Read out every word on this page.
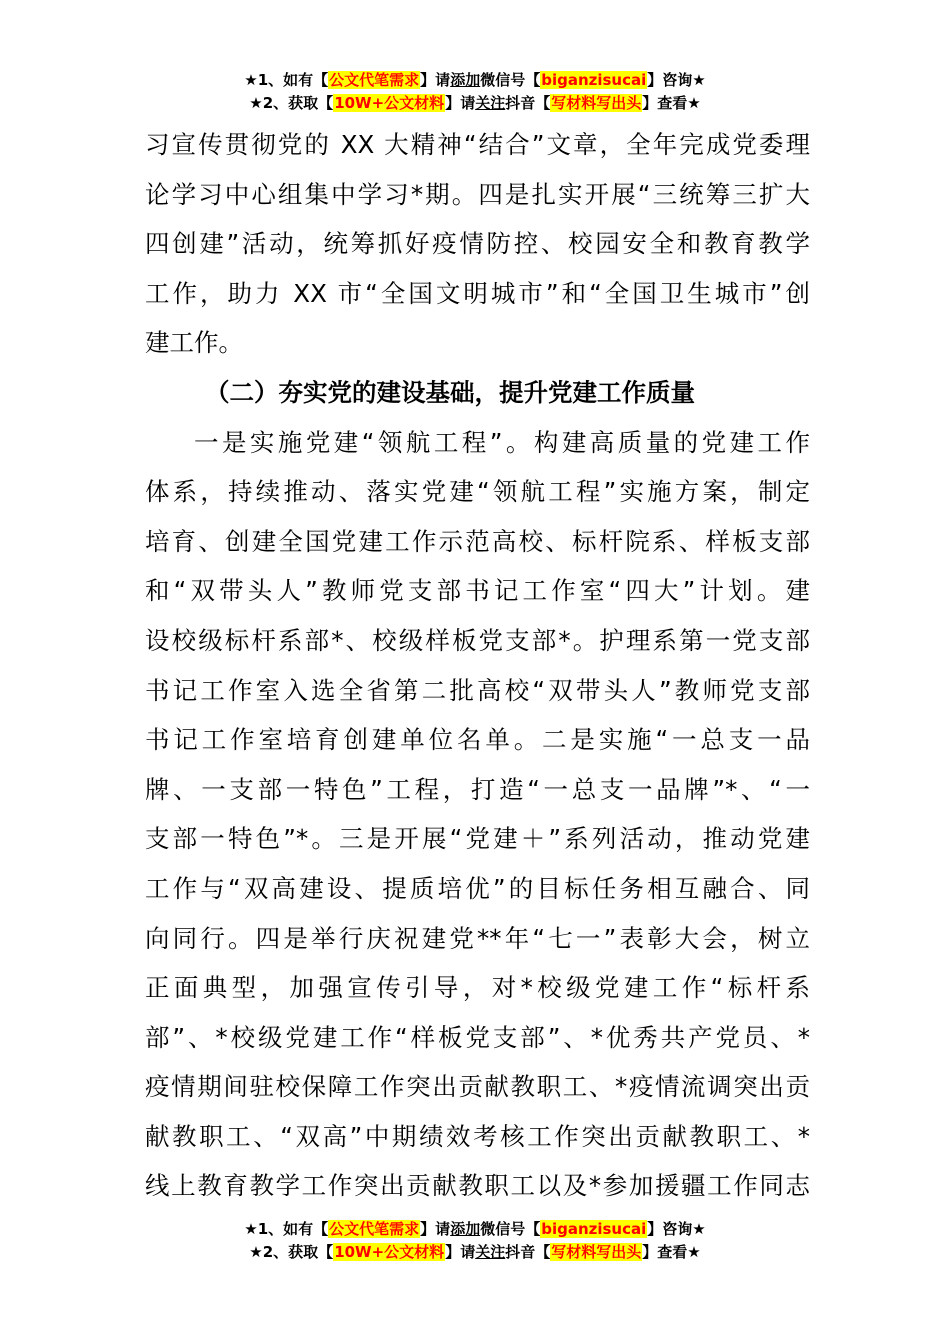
★1、如有【公文代笔需求】请添加微信号【biganzisucai】咨询★
★2、获取【10W+公文材料】请关注抖音【写材料写出头】查看★
习宣传贯彻党的 XX 大精神“结合”文章，全年完成党委理
论学习中心组集中学习*期。四是扎实开展“三统筹三扩大
四创建”活动，统筹抓好疫情防控、校园安全和教育教学
工作，助力 XX 市“全国文明城市”和“全国卫生城市”创
建工作。
（二）夯实党的建设基础，提升党建工作质量
一是实施党建“领航工程”。构建高质量的党建工作
体系，持续推动、落实党建“领航工程”实施方案，制定
培育、创建全国党建工作示范高校、标杆院系、样板支部
和“双带头人”教师党支部书记工作室“四大”计划。建
设校级标杆系部*、校级样板党支部*。护理系第一党支部
书记工作室入选全省第二批高校“双带头人”教师党支部
书记工作室培育创建单位名单。二是实施“一总支一品
牌、一支部一特色”工程，打造“一总支一品牌”*、“一
支部一特色”*。三是开展“党建＋”系列活动，推动党建
工作与“双高建设、提质培优”的目标任务相互融合、同
向同行。四是举行庆祝建党**年“七一”表彰大会，树立
正面典型，加强宣传引导，对*校级党建工作“标杆系
部”、*校级党建工作“样板党支部”、*优秀共产党员、*
疫情期间驻校保障工作突出贡献教职工、*疫情流调突出贡
献教职工、“双高”中期绩效考核工作突出贡献教职工、*
线上教育教学工作突出贡献教职工以及*参加援疆工作同志
★1、如有【公文代笔需求】请添加微信号【biganzisucai】咨询★
★2、获取【10W+公文材料】请关注抖音【写材料写出头】查看★
